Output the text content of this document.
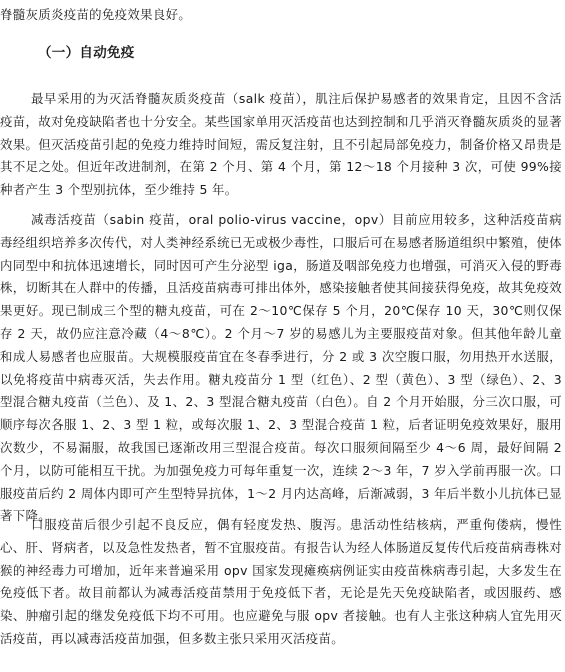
脊髓灰质炎疫苗的免疫效果良好。

（一）自动免疫

最早采用的为灭活脊髓灰质炎疫苗（salk 疫苗），肌注后保护易感者的效果肯定，且因不含活疫苗，故对免疫缺陷者也十分安全。某些国家单用灭活疫苗也达到控制和几乎消灭脊髓灰质炎的显著效果。但灭活疫苗引起的免疫力维持时间短，需反复注射，且不引起局部免疫力，制备价格又昂贵是其不足之处。但近年改进制剂，在第 2 个月、第 4 个月，第 12～18 个月接种 3 次，可使 99%接种者产生 3 个型别抗体，至少维持 5 年。

减毒活疫苗（sabin 疫苗，oral polio-virus vaccine，opv）目前应用较多，这种活疫苗病毒经组织培养多次传代，对人类神经系统已无或极少毒性，口服后可在易感者肠道组织中繁殖，使体内同型中和抗体迅速增长，同时因可产生分泌型 iga，肠道及咽部免疫力也增强，可消灭入侵的野毒株，切断其在人群中的传播，且活疫苗病毒可排出体外，感染接触者使其间接获得免疫，故其免疫效果更好。现已制成三个型的糖丸疫苗，可在 2～10℃保存 5 个月，20℃保存 10 天，30℃则仅保存 2 天，故仍应注意冷藏（4～8℃）。2 个月～7 岁的易感儿为主要服疫苗对象。但其他年龄儿童和成人易感者也应服苗。大规模服疫苗宜在冬春季进行，分 2 或 3 次空腹口服，勿用热开水送服，以免将疫苗中病毒灭活，失去作用。糖丸疫苗分 1 型（红色）、2 型（黄色）、3 型（绿色）、2、3 型混合糖丸疫苗（兰色）、及 1、2、3 型混合糖丸疫苗（白色）。自 2 个月开始服，分三次口服，可顺序每次各服 1、2、3 型 1 粒，或每次服 1、2、3 型混合疫苗 1 粒，后者证明免疫效果好，服用次数少，不易漏服，故我国已逐渐改用三型混合疫苗。每次口服须间隔至少 4～6 周，最好间隔 2 个月，以防可能相互干扰。为加强免疫力可每年重复一次，连续 2～3 年，7 岁入学前再服一次。口服疫苗后约 2 周体内即可产生型特异抗体，1～2 月内达高峰，后渐减弱，3 年后半数小儿抗体已显著下降。

口服疫苗后很少引起不良反应，偶有轻度发热、腹泻。患活动性结核病，严重佝偻病，慢性心、肝、肾病者，以及急性发热者，暂不宜服疫苗。有报告认为经人体肠道反复传代后疫苗病毒株对猴的神经毒力可增加，近年来普遍采用 opv 国家发现瘫痪病例证实由疫苗株病毒引起，大多发生在免疫低下者。故目前都认为减毒活疫苗禁用于免疫低下者，无论是先天免疫缺陷者，或因服药、感染、肿瘤引起的继发免疫低下均不可用。也应避免与服 opv 者接触。也有人主张这种病人宜先用灭活疫苗，再以减毒活疫苗加强，但多数主张只采用灭活疫苗。
